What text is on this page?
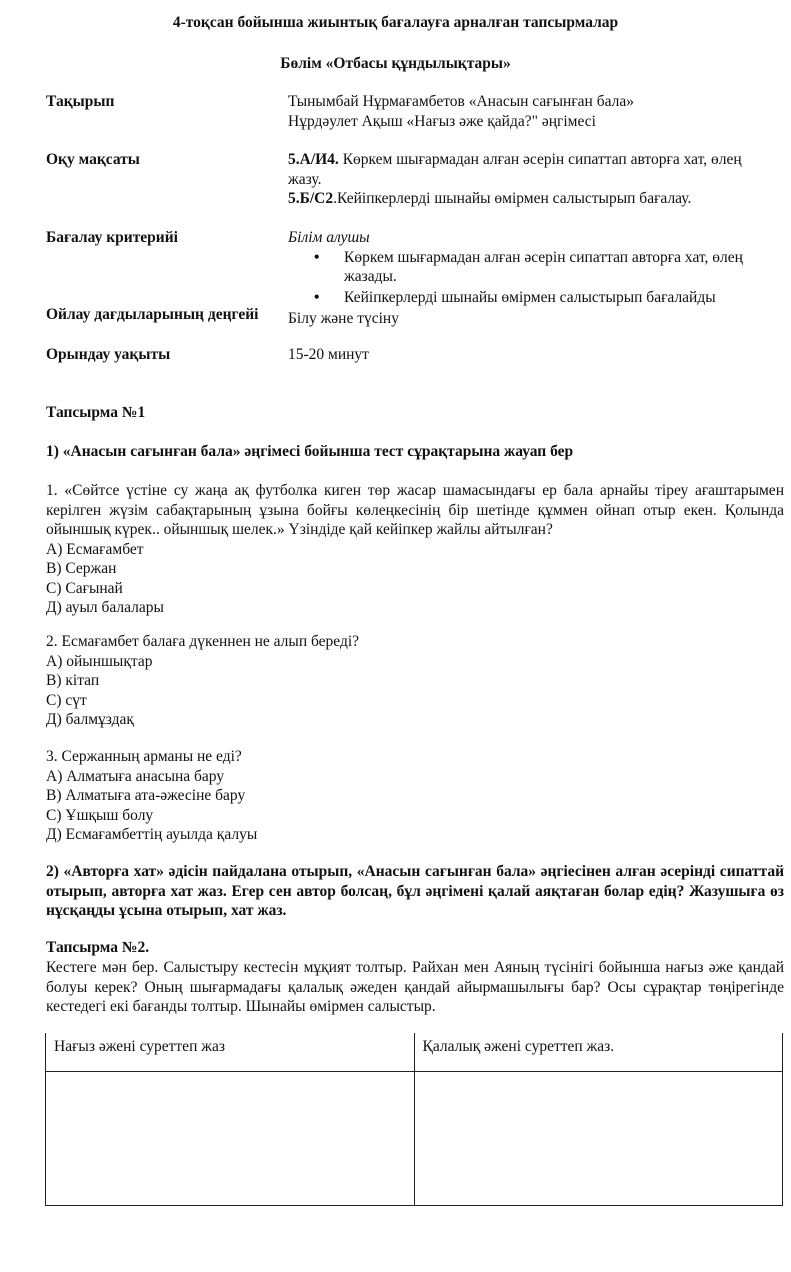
4-тоқсан бойынша жиынтық бағалауға арналған тапсырмалар
Бөлім «Отбасы құндылықтары»
Тақырып	Тынымбай Нұрмағамбетов «Анасын сағынған бала»
Нұрдəулет Ақыш «Нағыз əже қайда?" əңгімесі
Оқу мақсаты	5.А/И4. Көркем шығармадан алған əсерін сипаттап авторға хат, өлең жазу.
5.Б/С2.Кейіпкерлерді шынайы өмірмен салыстырып бағалау.
Бағалау критерийі	Білім алушы
• Көркем шығармадан алған əсерін сипаттап авторға хат, өлең жазады.
• Кейіпкерлерді шынайы өмірмен салыстырып бағалайды
Ойлау дағдыларының деңгейі	Білу жəне түсіну
Орындау уақыты	15-20 минут
Тапсырма №1
1) «Анасын сағынған бала» əңгімесі бойынша тест сұрақтарына жауап бер
1. «Сөйтсе үстіне су жаңа ақ футболка киген төр жасар шамасындағы ер бала арнайы тіреу ағаштарымен керілген жүзім сабақтарының ұзына бойғы көлеңкесінің бір шетінде құммен ойнап отыр екен. Қолында ойыншық күрек.. ойыншық шелек.» Үзіндіде қай кейіпкер жайлы айтылған?
А) Есмағамбет
В) Сержан
С) Сағынай
Д) ауыл балалары
2. Есмағамбет балаға дүкеннен не алып береді?
А) ойыншықтар
В) кітап
С) сүт
Д) балмұздақ
3. Сержанның арманы не еді?
А) Алматыға анасына бару
В) Алматыға ата-əжесіне бару
С) Ұшқыш болу
Д) Есмағамбеттің ауылда қалуы
2) «Авторға хат» əдісін пайдалана отырып, «Анасын сағынған бала» əңгіесінен алған əсерінді сипаттай отырып, авторға хат жаз. Егер сен автор болсаң, бұл əңгімені қалай аяқтаған болар едің? Жазушыға өз нұсқаңды ұсына отырып, хат жаз.
Тапсырма №2.
Кестеге мəн бер. Салыстыру кестесін мұқият толтыр. Райхан мен Аяның түсінігі бойынша нағыз əже қандай болуы керек? Оның шығармадағы қалалық əжеден қандай айырмашылығы бар? Осы сұрақтар төңірегінде кестедегі екі бағанды толтыр. Шынайы өмірмен салыстыр.
Нағыз əжені суреттеп жаз	Қалалық əжені суреттеп жаз.
